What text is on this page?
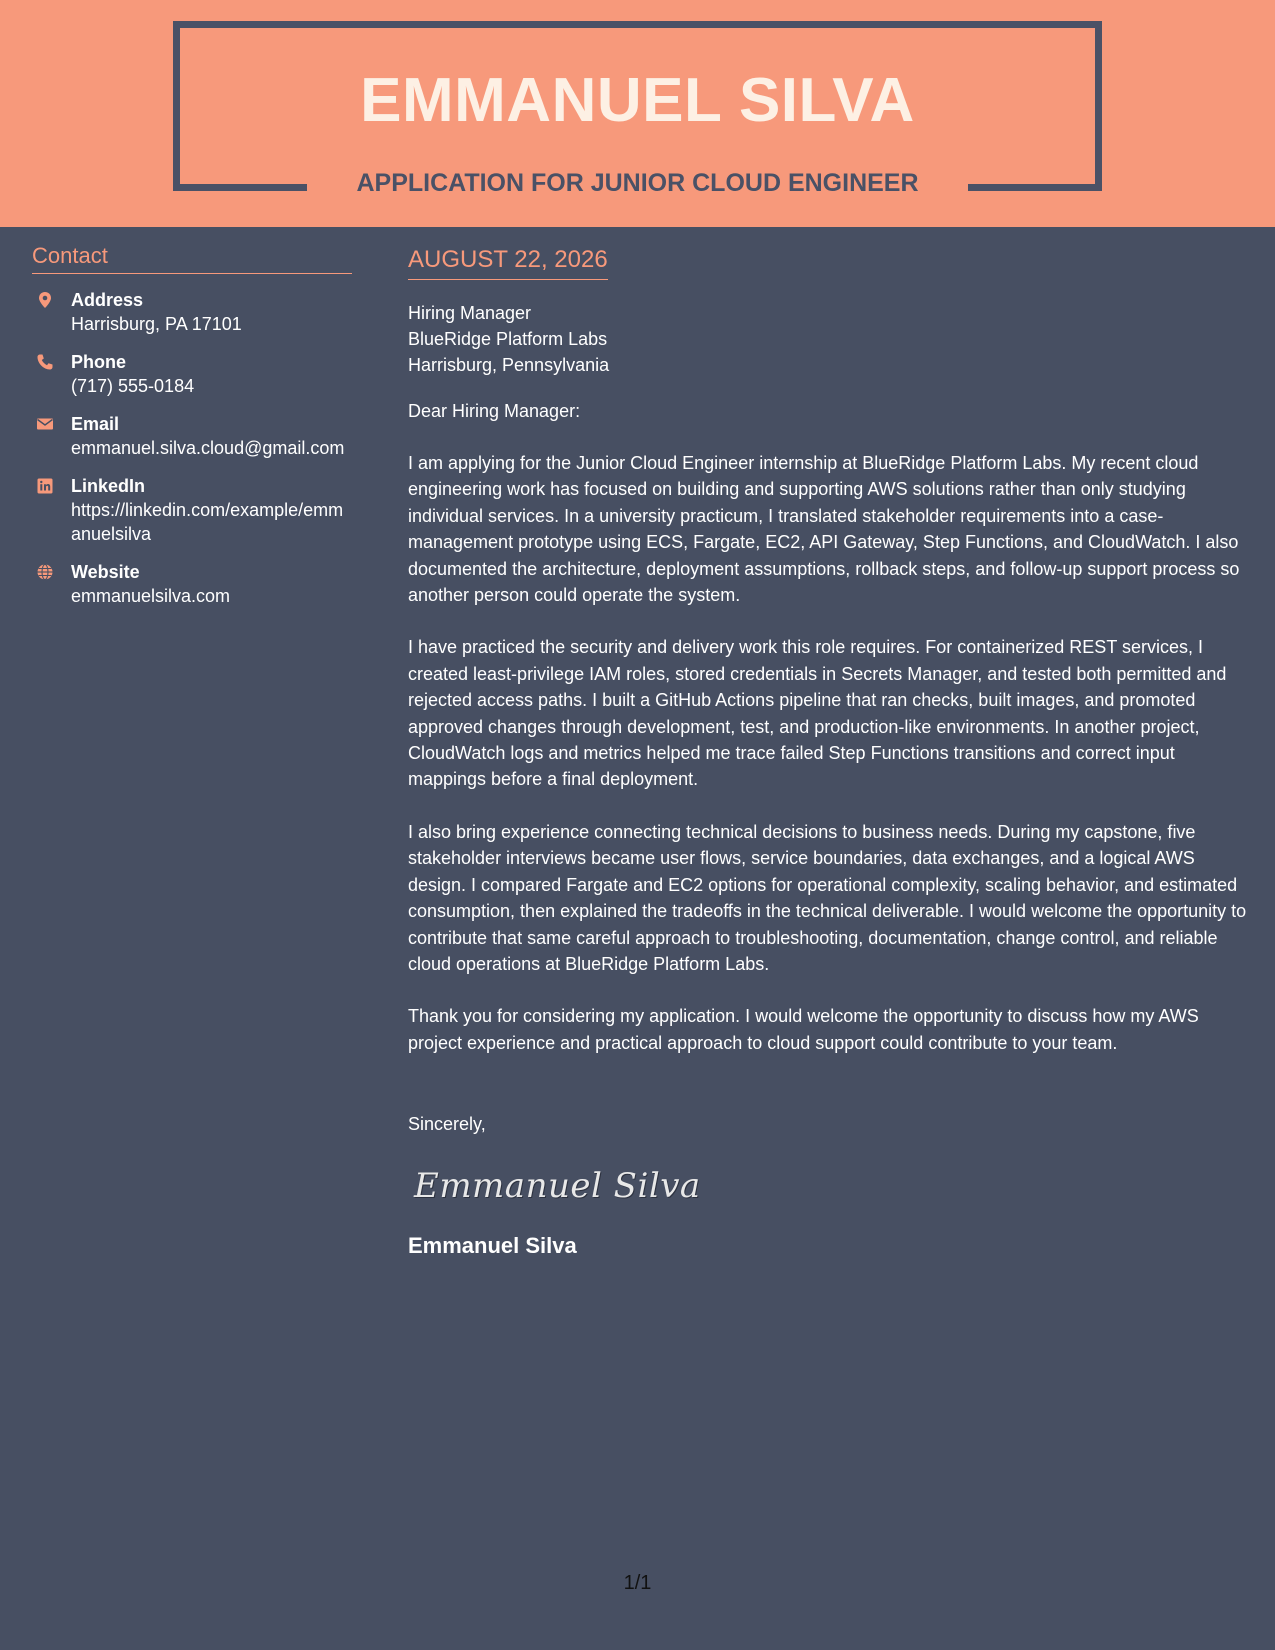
EMMANUEL SILVA
APPLICATION FOR JUNIOR CLOUD ENGINEER
Contact
Address
Harrisburg, PA 17101
Phone
(717) 555-0184
Email
emmanuel.silva.cloud@gmail.com
LinkedIn
https://linkedin.com/example/emmanuelsilva
Website
emmanuelsilva.com
AUGUST 22, 2026
Hiring Manager
BlueRidge Platform Labs
Harrisburg, Pennsylvania
Dear Hiring Manager:

I am applying for the Junior Cloud Engineer internship at BlueRidge Platform Labs. My recent cloud engineering work has focused on building and supporting AWS solutions rather than only studying individual services. In a university practicum, I translated stakeholder requirements into a case-management prototype using ECS, Fargate, EC2, API Gateway, Step Functions, and CloudWatch. I also documented the architecture, deployment assumptions, rollback steps, and follow-up support process so another person could operate the system.

I have practiced the security and delivery work this role requires. For containerized REST services, I created least-privilege IAM roles, stored credentials in Secrets Manager, and tested both permitted and rejected access paths. I built a GitHub Actions pipeline that ran checks, built images, and promoted approved changes through development, test, and production-like environments. In another project, CloudWatch logs and metrics helped me trace failed Step Functions transitions and correct input mappings before a final deployment.

I also bring experience connecting technical decisions to business needs. During my capstone, five stakeholder interviews became user flows, service boundaries, data exchanges, and a logical AWS design. I compared Fargate and EC2 options for operational complexity, scaling behavior, and estimated consumption, then explained the tradeoffs in the technical deliverable. I would welcome the opportunity to contribute that same careful approach to troubleshooting, documentation, change control, and reliable cloud operations at BlueRidge Platform Labs.

Thank you for considering my application. I would welcome the opportunity to discuss how my AWS project experience and practical approach to cloud support could contribute to your team.

Sincerely,
Emmanuel Silva
Emmanuel Silva
1/1
